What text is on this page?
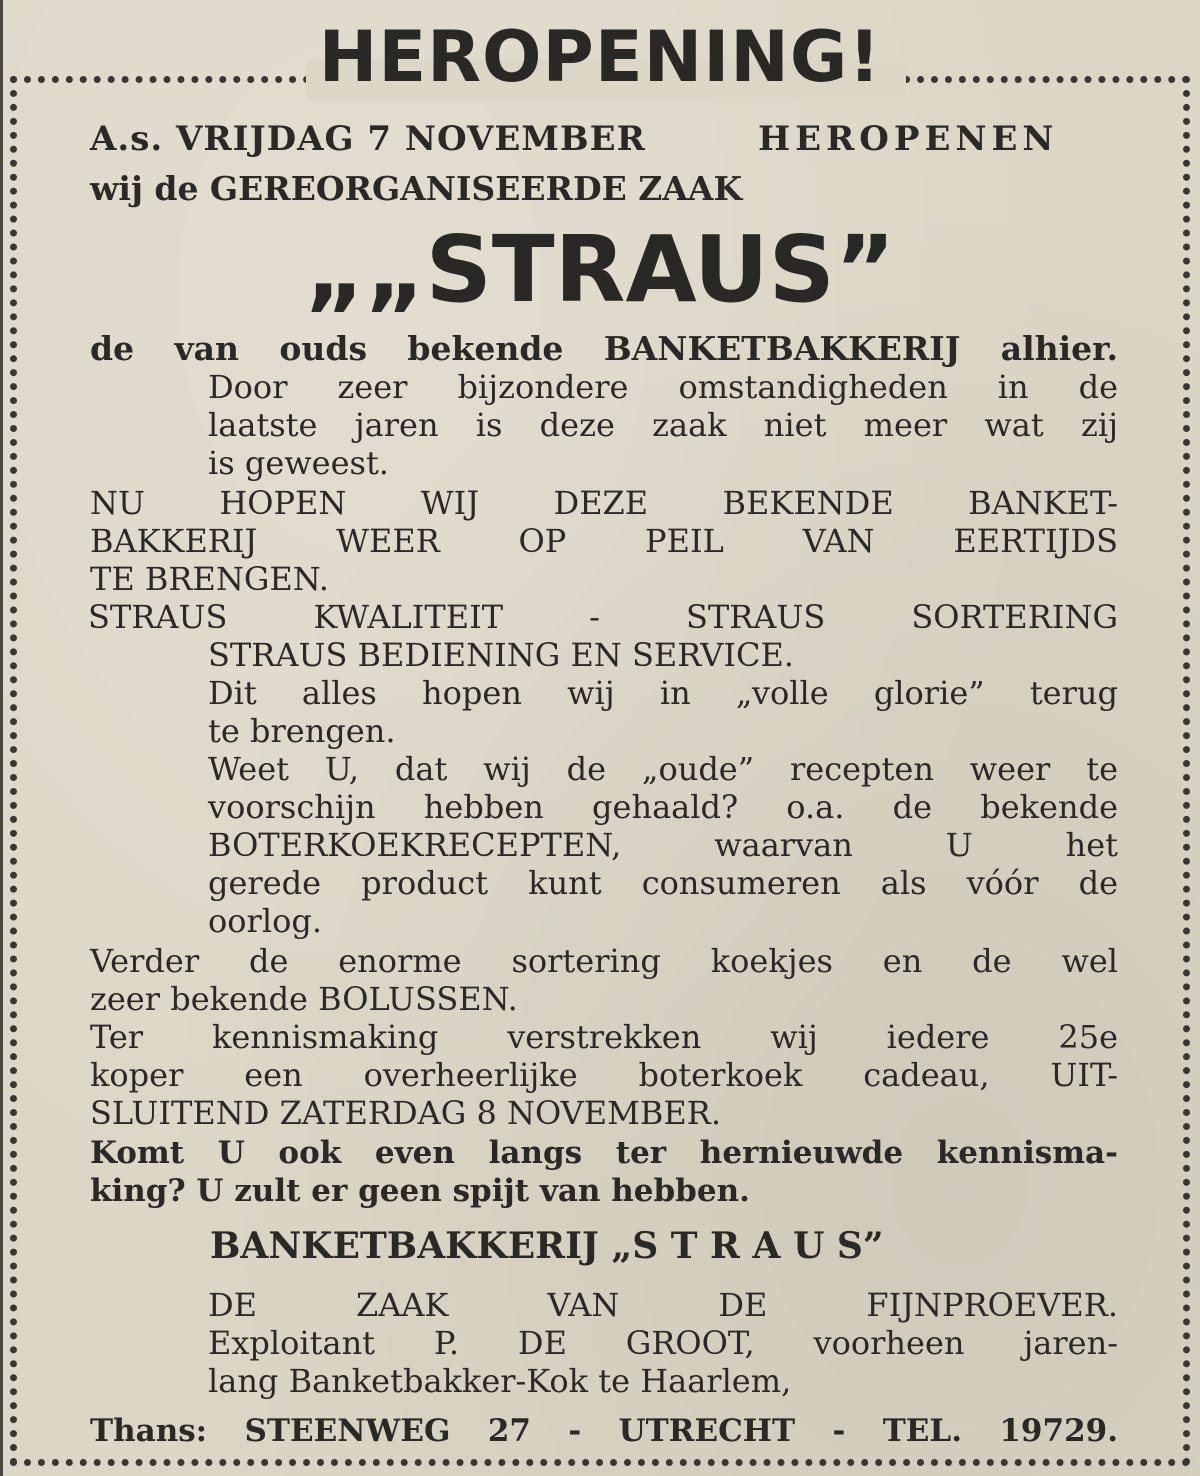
HEROPENING!
A.s. VRIJDAG 7 NOVEMBER	HEROPENEN
wij de GEREORGANISEERDE ZAAK
„„STRAUS”
de van ouds bekende BANKETBAKKERIJ alhier.
Door zeer bijzondere omstandigheden in de
laatste jaren is deze zaak niet meer wat zij
is geweest.
NU HOPEN WIJ DEZE BEKENDE BANKET-
BAKKERIJ WEER OP PEIL VAN EERTIJDS
TE BRENGEN.
STRAUS KWALITEIT - STRAUS SORTERING
STRAUS BEDIENING EN SERVICE.
Dit alles hopen wij in „volle glorie” terug
te brengen.
Weet U, dat wij de „oude” recepten weer te
voorschijn hebben gehaald? o.a. de bekende
BOTERKOEKRECEPTEN, waarvan U het
gerede product kunt consumeren als vóór de
oorlog.
Verder de enorme sortering koekjes en de wel
zeer bekende BOLUSSEN.
Ter kennismaking verstrekken wij iedere 25e
koper een overheerlijke boterkoek cadeau, UIT-
SLUITEND ZATERDAG 8 NOVEMBER.
Komt U ook even langs ter hernieuwde kennisma-
king? U zult er geen spijt van hebben.
BANKETBAKKERIJ „S T R A U S”
DE ZAAK VAN DE FIJNPROEVER.
Exploitant P. DE GROOT, voorheen jaren-
lang Banketbakker-Kok te Haarlem,
Thans: STEENWEG 27 - UTRECHT - TEL. 19729.
